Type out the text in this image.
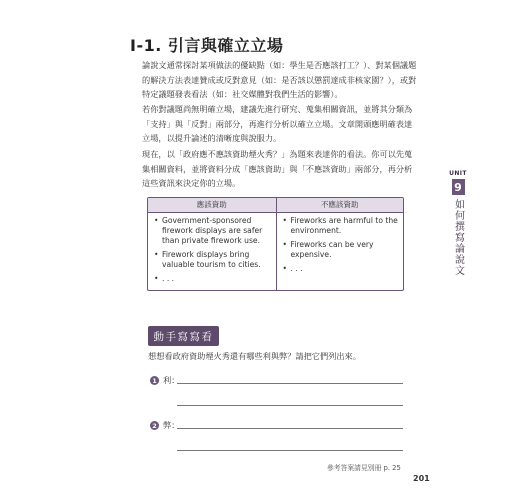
I-1. 引言與確立立場
論說文通常探討某項做法的優缺點（如：學生是否應該打工？）、對某個議題的解決方法表達贊成或反對意見（如：是否該以懲罰達成非核家園？），或對特定議題發表看法（如：社交媒體對我們生活的影響）。
若你對議題尚無明確立場，建議先進行研究、蒐集相關資訊，並將其分類為「支持」與「反對」兩部分，再進行分析以確立立場。文章開頭應明確表達立場，以提升論述的清晰度與說服力。
現在，以「政府應不應該資助煙火秀？」為題來表達你的看法。你可以先蒐集相關資料，並將資料分成「應該資助」與「不應該資助」兩部分，再分析這些資訊來決定你的立場。
UNIT
9
如何撰寫論說文
應該資助
• Government-sponsored firework displays are safer than private firework use.
• Firework displays bring valuable tourism to cities.
• . . .
不應該資助
• Fireworks are harmful to the environment.
• Fireworks can be very expensive.
• . . .
動手寫寫看
想想看政府資助煙火秀還有哪些利與弊？請把它們列出來。
1 利：
2 弊：
參考答案請見別冊 p. 25
201
